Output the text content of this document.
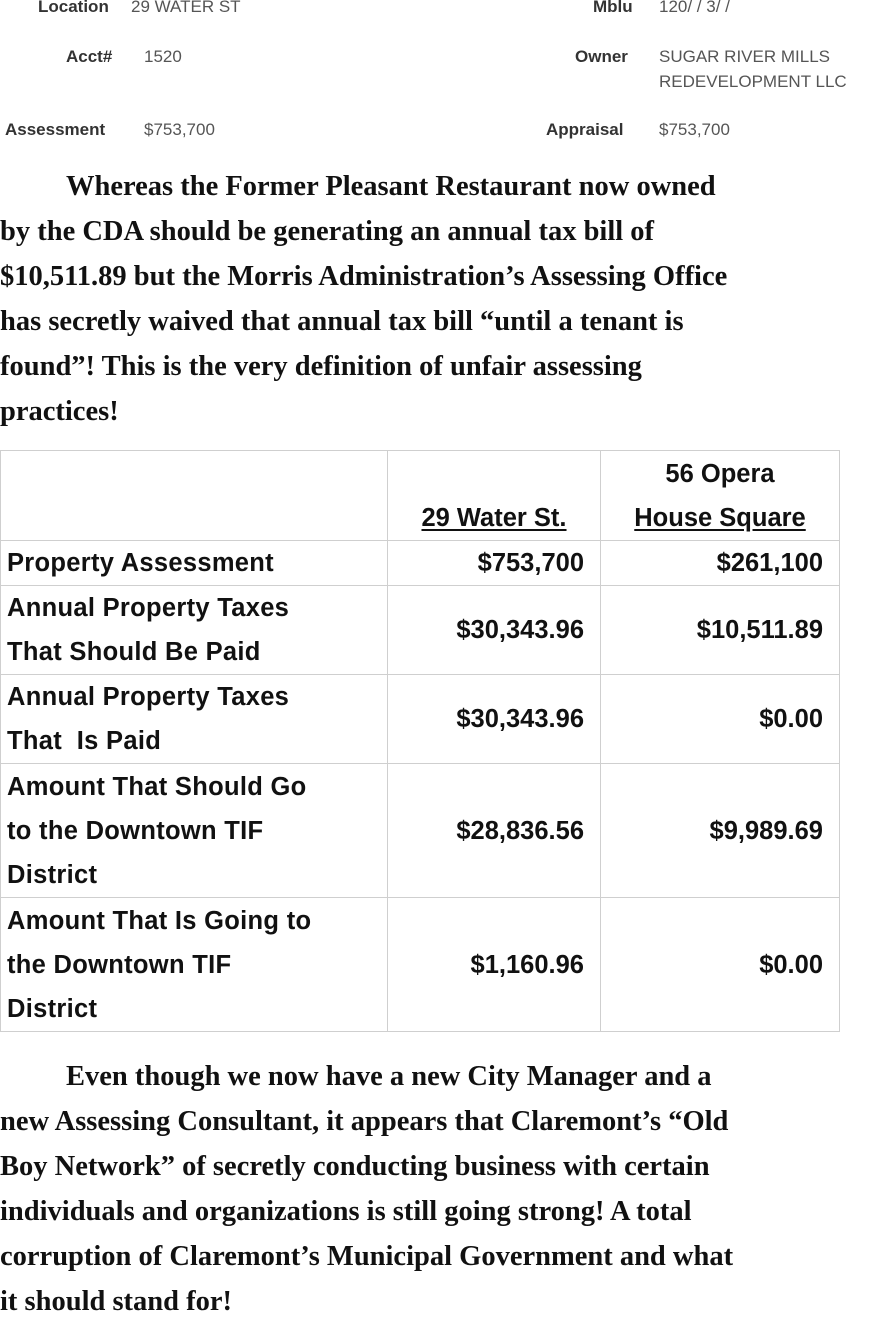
Location 29 WATER ST	Mblu 120/ / 3/ /
Acct# 1520	Owner SUGAR RIVER MILLS
REDEVELOPMENT LLC
Assessment $753,700	Appraisal $753,700

Whereas the Former Pleasant Restaurant now owned
by the CDA should be generating an annual tax bill of
$10,511.89 but the Morris Administration’s Assessing Office
has secretly waived that annual tax bill “until a tenant is
found”! This is the very definition of unfair assessing
practices!

	29 Water St.	56 Opera
House Square

Property Assessment	$753,700	$261,100

Annual Property Taxes
That Should Be Paid	$30,343.96	$10,511.89

Annual Property Taxes
That  Is Paid	$30,343.96	$0.00

Amount That Should Go
to the Downtown TIF
District	$28,836.56	$9,989.69

Amount That Is Going to
the Downtown TIF
District	$1,160.96	$0.00

Even though we now have a new City Manager and a
new Assessing Consultant, it appears that Claremont’s “Old
Boy Network” of secretly conducting business with certain
individuals and organizations is still going strong! A total
corruption of Claremont’s Municipal Government and what
it should stand for!
